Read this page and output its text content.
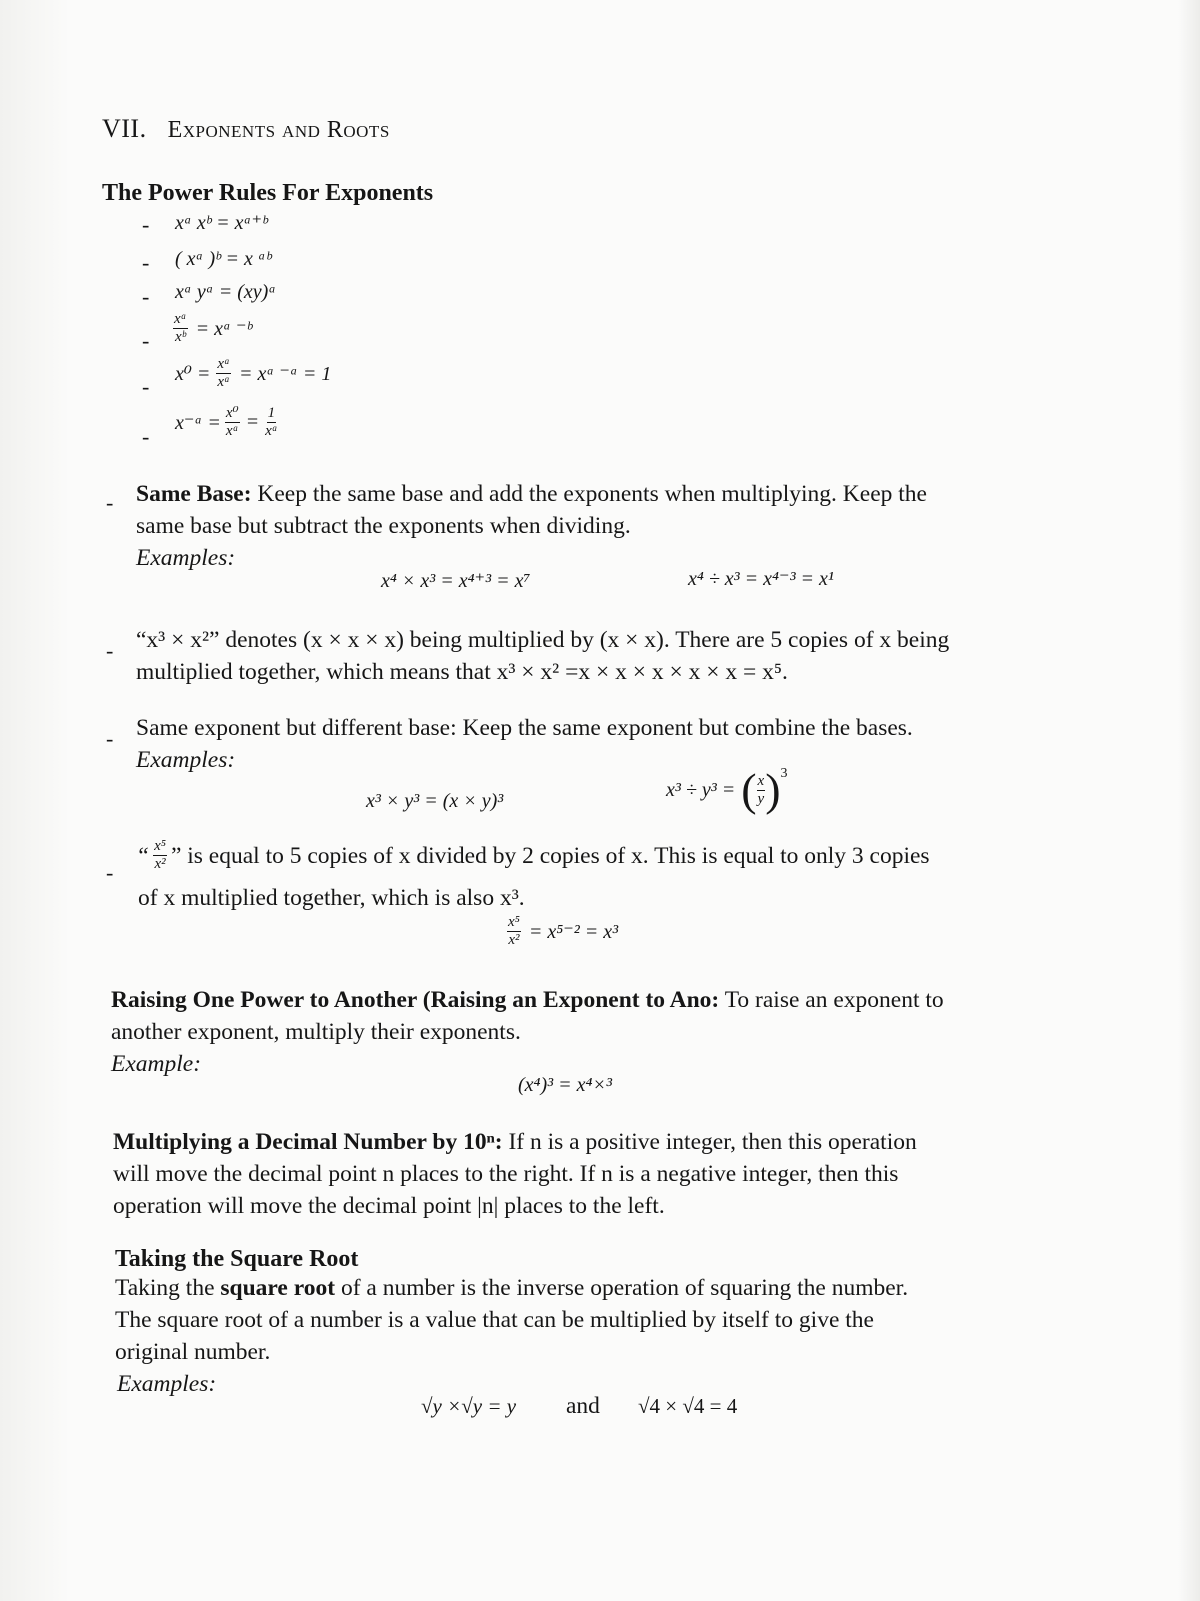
VII. Exponents and Roots
The Power Rules For Exponents
- xᵃ xᵇ = xᵃ⁺ᵇ
- ( xᵃ )ᵇ = x ᵃᵇ
- xᵃ yᵃ = (xy)ᵃ
- $\frac{\text{xᵃ}}{\text{xᵇ}}$ = xᵃ ⁻ᵇ
- $x^0 = \frac{\text{xᵃ}}{\text{xᵃ}}$ = xᵃ ⁻ᵃ = 1
-
x⁻ᵃ = $\frac{\text{x⁰}}{\text{xᵃ}} = \frac{1}{\text{xᵃ}}$
- Same Base: Keep the same base and add the exponents when multiplying. Keep the
same base but subtract the exponents when dividing.
Examples:
x⁴ × x³ = x⁴⁺³ = x⁷	x⁴ ÷ x³ = x⁴⁻³ = x¹
- “x³ × x²” denotes (x × x × x) being multiplied by (x × x). There are 5 copies of x being
multiplied together, which means that x³ × x² =x × x × x × x × x = x⁵.
- Same exponent but different base: Keep the same exponent but combine the bases.
Examples:
x³ × y³ = (x × y)³
x³ ÷ y³ = ( $\frac{x}{y}$ ) 3
-
“ $\frac{\text{x⁵}}{\text{x²}}$ ” is equal to 5 copies of x divided by 2 copies of x. This is equal to only 3 copies
of x multiplied together, which is also x³.
$\frac{\text{x⁵}}{\text{x²}} = x^{5-2} = x^3$
Raising One Power to Another (Raising an Exponent to Ano: To raise an exponent to
another exponent, multiply their exponents.
Example:
(x⁴)³ = x⁴×³
Multiplying a Decimal Number by 10ⁿ: If n is a positive integer, then this operation
will move the decimal point n places to the right. If n is a negative integer, then this
operation will move the decimal point |n| places to the left.
Taking the Square Root
Taking the square root of a number is the inverse operation of squaring the number.
The square root of a number is a value that can be multiplied by itself to give the
original number.
Examples:
√y ×√y = y and √4 × √4 = 4
